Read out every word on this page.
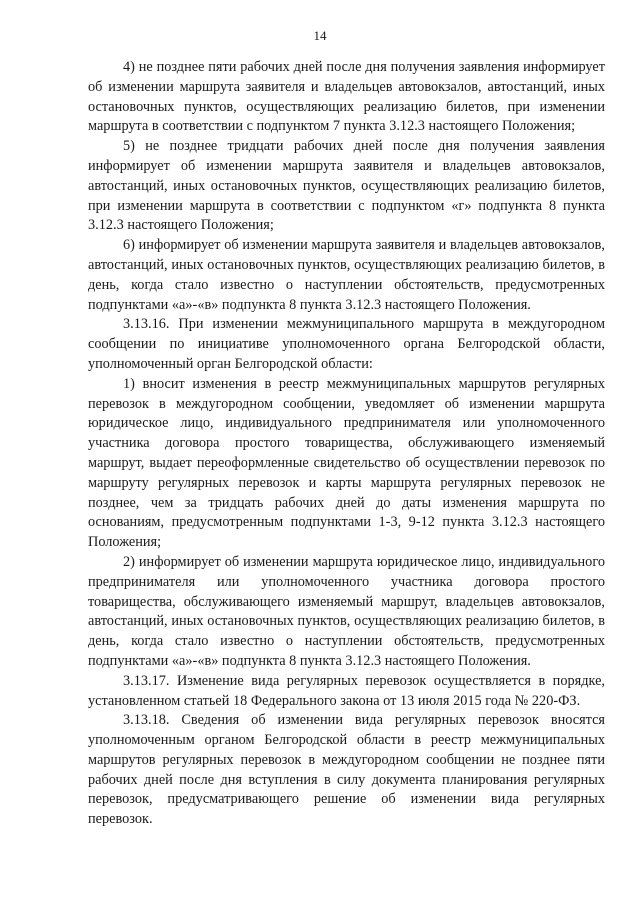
14

4) не позднее пяти рабочих дней после дня получения заявления информирует об изменении маршрута заявителя и владельцев автовокзалов, автостанций, иных остановочных пунктов, осуществляющих реализацию билетов, при изменении маршрута в соответствии с подпунктом 7 пункта 3.12.3 настоящего Положения;

5) не позднее тридцати рабочих дней после дня получения заявления информирует об изменении маршрута заявителя и владельцев автовокзалов, автостанций, иных остановочных пунктов, осуществляющих реализацию билетов, при изменении маршрута в соответствии с подпунктом «г» подпункта 8 пункта 3.12.3 настоящего Положения;

6) информирует об изменении маршрута заявителя и владельцев автовокзалов, автостанций, иных остановочных пунктов, осуществляющих реализацию билетов, в день, когда стало известно о наступлении обстоятельств, предусмотренных подпунктами «а»-«в» подпункта 8 пункта 3.12.3 настоящего Положения.

3.13.16. При изменении межмуниципального маршрута в междугородном сообщении по инициативе уполномоченного органа Белгородской области, уполномоченный орган Белгородской области:

1) вносит изменения в реестр межмуниципальных маршрутов регулярных перевозок в междугородном сообщении, уведомляет об изменении маршрута юридическое лицо, индивидуального предпринимателя или уполномоченного участника договора простого товарищества, обслуживающего изменяемый маршрут, выдает переоформленные свидетельство об осуществлении перевозок по маршруту регулярных перевозок и карты маршрута регулярных перевозок не позднее, чем за тридцать рабочих дней до даты изменения маршрута по основаниям, предусмотренным подпунктами 1-3, 9-12 пункта 3.12.3 настоящего Положения;

2) информирует об изменении маршрута юридическое лицо, индивидуального предпринимателя или уполномоченного участника договора простого товарищества, обслуживающего изменяемый маршрут, владельцев автовокзалов, автостанций, иных остановочных пунктов, осуществляющих реализацию билетов, в день, когда стало известно о наступлении обстоятельств, предусмотренных подпунктами «а»-«в» подпункта 8 пункта 3.12.3 настоящего Положения.

3.13.17. Изменение вида регулярных перевозок осуществляется в порядке, установленном статьей 18 Федерального закона от 13 июля 2015 года № 220-ФЗ.

3.13.18. Сведения об изменении вида регулярных перевозок вносятся уполномоченным органом Белгородской области в реестр межмуниципальных маршрутов регулярных перевозок в междугородном сообщении не позднее пяти рабочих дней после дня вступления в силу документа планирования регулярных перевозок, предусматривающего решение об изменении вида регулярных перевозок.
